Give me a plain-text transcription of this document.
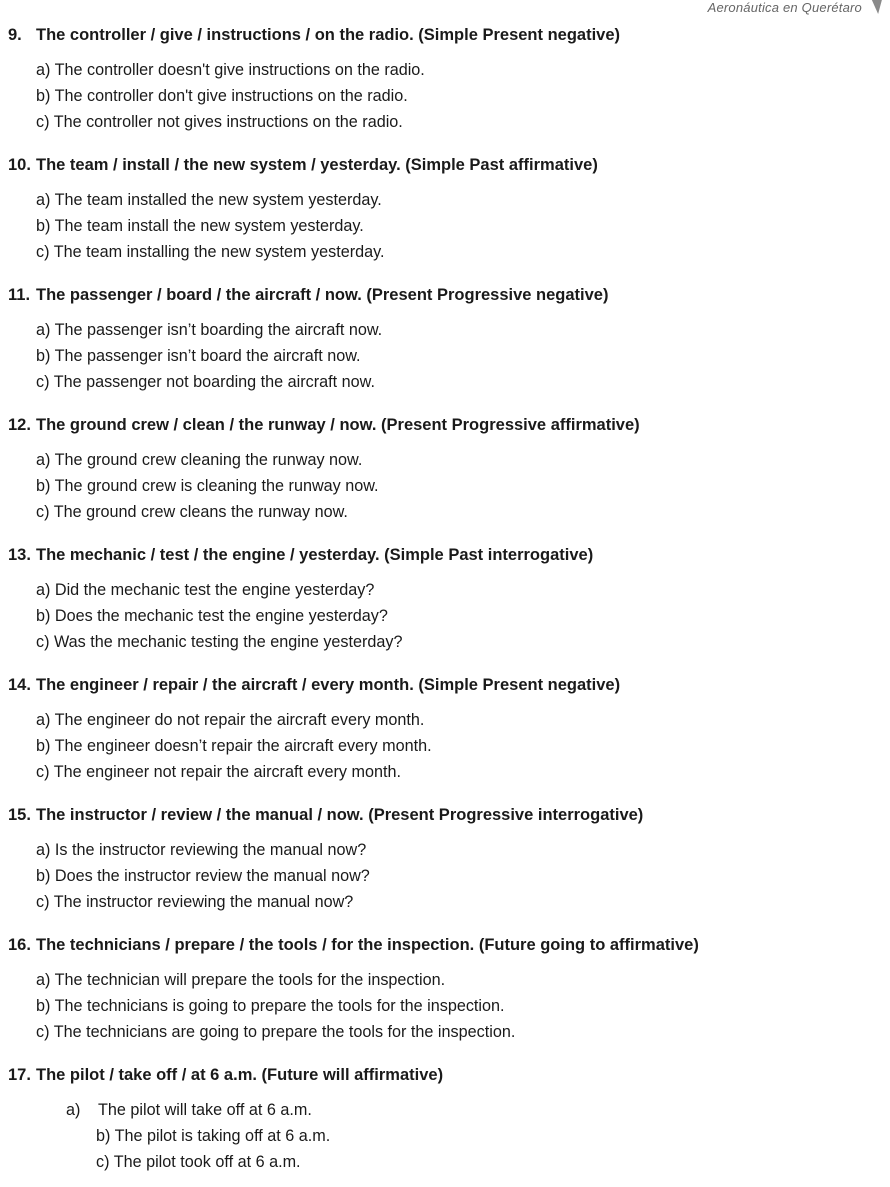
Aeronáutica en Querétaro
9. The controller / give / instructions / on the radio. (Simple Present negative)
a) The controller doesn't give instructions on the radio.
b) The controller don't give instructions on the radio.
c) The controller not gives instructions on the radio.
10. The team / install / the new system / yesterday. (Simple Past affirmative)
a) The team installed the new system yesterday.
b) The team install the new system yesterday.
c) The team installing the new system yesterday.
11. The passenger / board / the aircraft / now. (Present Progressive negative)
a) The passenger isn’t boarding the aircraft now.
b) The passenger isn’t board the aircraft now.
c) The passenger not boarding the aircraft now.
12. The ground crew / clean / the runway / now. (Present Progressive affirmative)
a) The ground crew cleaning the runway now.
b) The ground crew is cleaning the runway now.
c) The ground crew cleans the runway now.
13. The mechanic / test / the engine / yesterday. (Simple Past interrogative)
a) Did the mechanic test the engine yesterday?
b) Does the mechanic test the engine yesterday?
c) Was the mechanic testing the engine yesterday?
14. The engineer / repair / the aircraft / every month. (Simple Present negative)
a) The engineer do not repair the aircraft every month.
b) The engineer doesn’t repair the aircraft every month.
c) The engineer not repair the aircraft every month.
15. The instructor / review / the manual / now. (Present Progressive interrogative)
a) Is the instructor reviewing the manual now?
b) Does the instructor review the manual now?
c) The instructor reviewing the manual now?
16. The technicians / prepare / the tools / for the inspection. (Future going to affirmative)
a) The technician will prepare the tools for the inspection.
b) The technicians is going to prepare the tools for the inspection.
c) The technicians are going to prepare the tools for the inspection.
17. The pilot / take off / at 6 a.m. (Future will affirmative)
a) The pilot will take off at 6 a.m.
b) The pilot is taking off at 6 a.m.
c) The pilot took off at 6 a.m.
